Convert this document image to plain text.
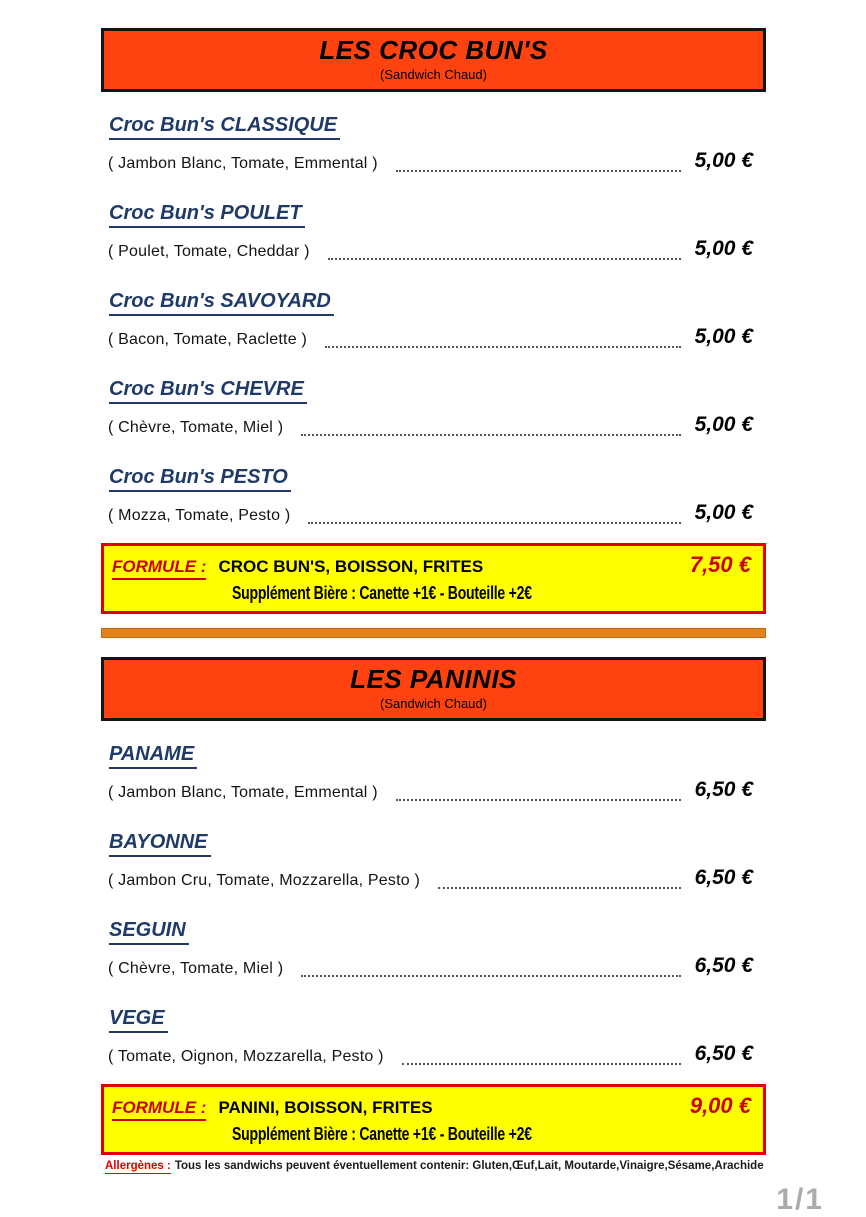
LES CROC BUN'S
(Sandwich Chaud)
Croc Bun's CLASSIQUE
( Jambon Blanc, Tomate, Emmental )	5,00 €
Croc Bun's POULET
( Poulet, Tomate, Cheddar )	5,00 €
Croc Bun's SAVOYARD
( Bacon, Tomate, Raclette )	5,00 €
Croc Bun's CHEVRE
( Chèvre, Tomate, Miel )	5,00 €
Croc Bun's PESTO
( Mozza, Tomate, Pesto )	5,00 €
FORMULE : CROC BUN'S, BOISSON, FRITES	7,50 €
Supplément Bière : Canette +1€ - Bouteille +2€
LES PANINIS
(Sandwich Chaud)
PANAME
( Jambon Blanc, Tomate, Emmental )	6,50 €
BAYONNE
( Jambon Cru, Tomate, Mozzarella, Pesto )	6,50 €
SEGUIN
( Chèvre, Tomate, Miel )	6,50 €
VEGE
( Tomate, Oignon, Mozzarella, Pesto )	6,50 €
FORMULE : PANINI, BOISSON, FRITES	9,00 €
Supplément Bière : Canette +1€ - Bouteille +2€
Allergènes : Tous les sandwichs peuvent éventuellement contenir: Gluten,Œuf,Lait, Moutarde,Vinaigre,Sésame,Arachide
1/1
